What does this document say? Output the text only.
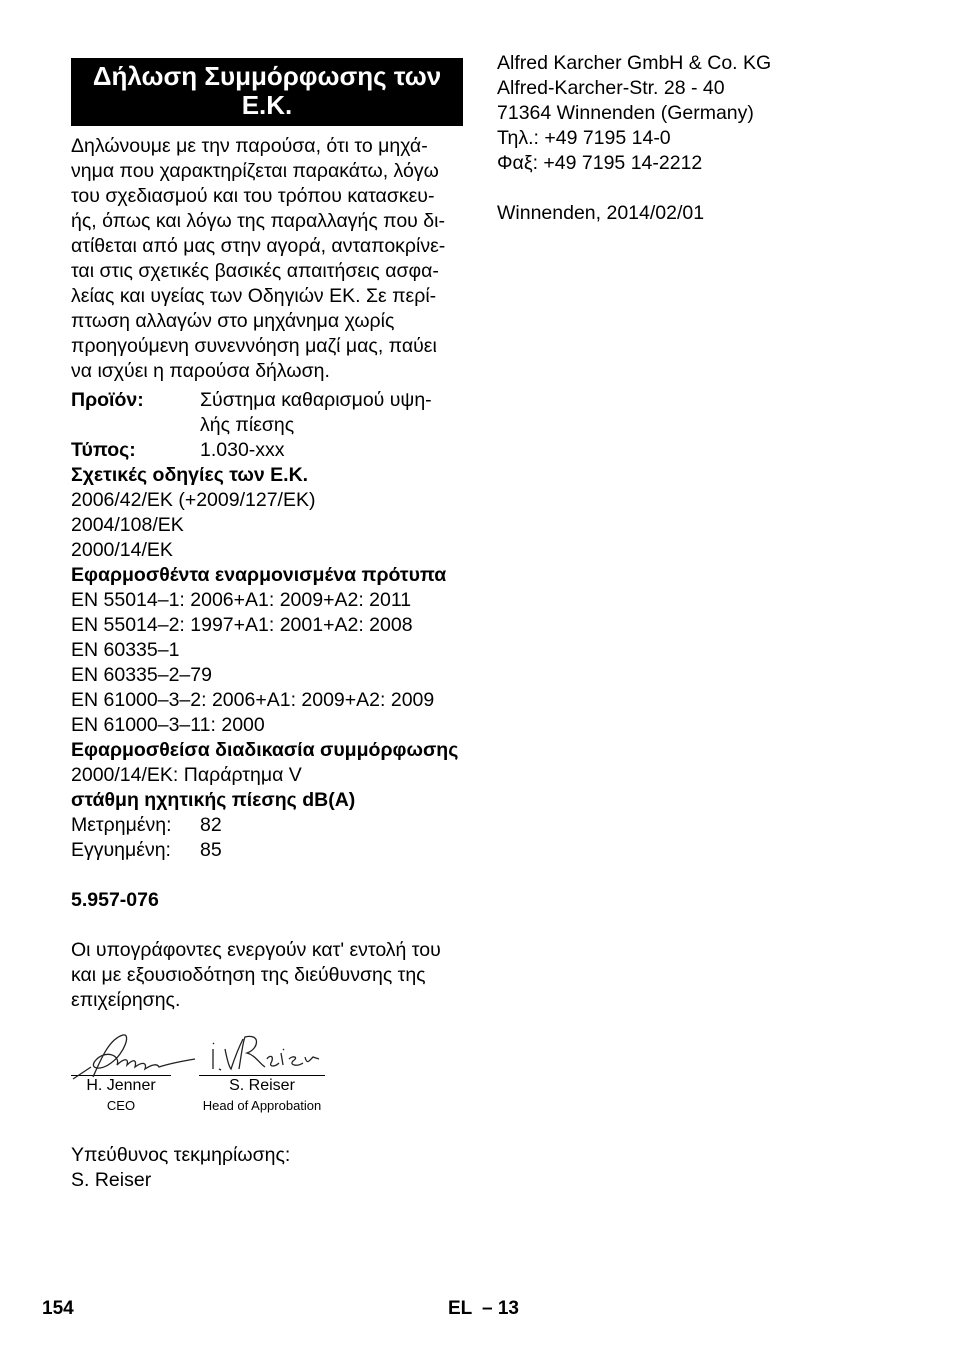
Δήλωση Συμμόρφωσης των Ε.Κ.
Δηλώνουμε με την παρούσα, ότι το μηχά-
νημα που χαρακτηρίζεται παρακάτω, λόγω
του σχεδιασμού και του τρόπου κατασκευ-
ής, όπως και λόγω της παραλλαγής που δι-
ατίθεται από μας στην αγορά, ανταποκρίνε-
ται στις σχετικές βασικές απαιτήσεις ασφα-
λείας και υγείας των Οδηγιών ΕΚ. Σε περί-
πτωση αλλαγών στο μηχάνημα χωρίς
προηγούμενη συνεννόηση μαζί μας, παύει
να ισχύει η παρούσα δήλωση.
Προϊόν:	Σύστημα καθαρισμού υψη-
λής πίεσης
Τύπος:	1.030-xxx
Σχετικές οδηγίες των Ε.Κ.
2006/42/ΕΚ (+2009/127/ΕΚ)
2004/108/ΕΚ
2000/14/ΕΚ
Εφαρμοσθέντα εναρμονισμένα πρότυπα
EN 55014–1: 2006+A1: 2009+A2: 2011
EN 55014–2: 1997+A1: 2001+A2: 2008
EN 60335–1
EN 60335–2–79
EN 61000–3–2: 2006+A1: 2009+A2: 2009
EN 61000–3–11: 2000
Εφαρμοσθείσα διαδικασία συμμόρφωσης
2000/14/ΕΚ: Παράρτημα V
στάθμη ηχητικής πίεσης dB(A)
Μετρημένη:	82
Εγγυημένη:	85
5.957-076
Οι υπογράφοντες ενεργούν κατ' εντολή του
και με εξουσιοδότηση της διεύθυνσης της
επιχείρησης.
H. Jenner
CEO
S. Reiser
Head of Approbation
Υπεύθυνος τεκμηρίωσης:
S. Reiser
Alfred Karcher GmbH & Co. KG
Alfred-Karcher-Str. 28 - 40
71364 Winnenden (Germany)
Τηλ.: +49 7195 14-0
Φαξ: +49 7195 14-2212
Winnenden, 2014/02/01
154	EL – 13
